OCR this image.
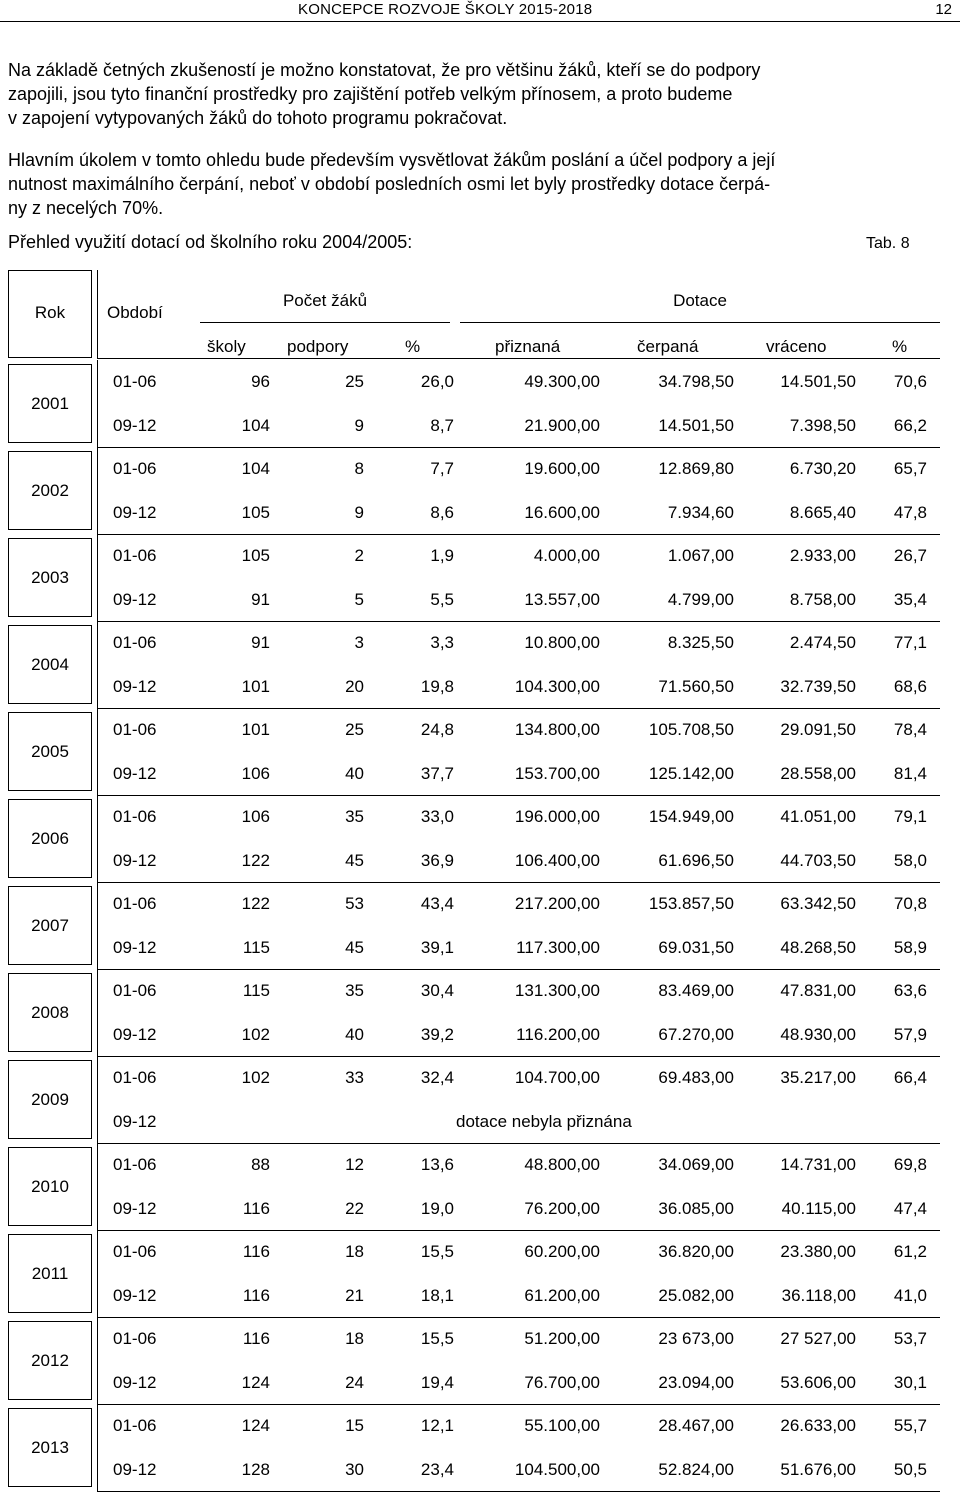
KONCEPCE ROZVOJE ŠKOLY 2015-2018	12
Na základě četných zkušeností je možno konstatovat, že pro většinu žáků, kteří se do podpory
zapojili, jsou tyto finanční prostředky pro zajištění potřeb velkým přínosem, a proto budeme
v zapojení vytypovaných žáků do tohoto programu pokračovat.
Hlavním úkolem v tomto ohledu bude především vysvětlovat žákům poslání a účel podpory a její
nutnost maximálního čerpání, neboť v období posledních osmi let byly prostředky dotace čerpá-
ny z necelých 70%.
Přehled využití dotací od školního roku 2004/2005:	Tab. 8
Rok	Období
Počet žáků	Dotace
školy podpory	%	přiznaná	čerpaná	vráceno	%
2001
01-06	96	25	26,0	49.300,00	34.798,50	14.501,50	70,6
09-12	104	9	8,7	21.900,00	14.501,50	7.398,50	66,2
2002
01-06	104	8	7,7	19.600,00	12.869,80	6.730,20	65,7
09-12	105	9	8,6	16.600,00	7.934,60	8.665,40	47,8
2003
01-06	105	2	1,9	4.000,00	1.067,00	2.933,00	26,7
09-12	91	5	5,5	13.557,00	4.799,00	8.758,00	35,4
2004
01-06	91	3	3,3	10.800,00	8.325,50	2.474,50	77,1
09-12	101	20	19,8	104.300,00	71.560,50	32.739,50	68,6
2005
01-06	101	25	24,8	134.800,00	105.708,50	29.091,50	78,4
09-12	106	40	37,7	153.700,00	125.142,00	28.558,00	81,4
2006
01-06	106	35	33,0	196.000,00	154.949,00	41.051,00	79,1
09-12	122	45	36,9	106.400,00	61.696,50	44.703,50	58,0
2007
01-06	122	53	43,4	217.200,00	153.857,50	63.342,50	70,8
09-12	115	45	39,1	117.300,00	69.031,50	48.268,50	58,9
2008
01-06	115	35	30,4	131.300,00	83.469,00	47.831,00	63,6
09-12	102	40	39,2	116.200,00	67.270,00	48.930,00	57,9
2009
01-06	102	33	32,4	104.700,00	69.483,00	35.217,00	66,4
09-12	dotace nebyla přiznána
2010
01-06	88	12	13,6	48.800,00	34.069,00	14.731,00	69,8
09-12	116	22	19,0	76.200,00	36.085,00	40.115,00	47,4
2011
01-06	116	18	15,5	60.200,00	36.820,00	23.380,00	61,2
09-12	116	21	18,1	61.200,00	25.082,00	36.118,00	41,0
2012
01-06	116	18	15,5	51.200,00	23 673,00	27 527,00	53,7
09-12	124	24	19,4	76.700,00	23.094,00	53.606,00	30,1
2013
01-06	124	15	12,1	55.100,00	28.467,00	26.633,00	55,7
09-12	128	30	23,4	104.500,00	52.824,00	51.676,00	50,5
